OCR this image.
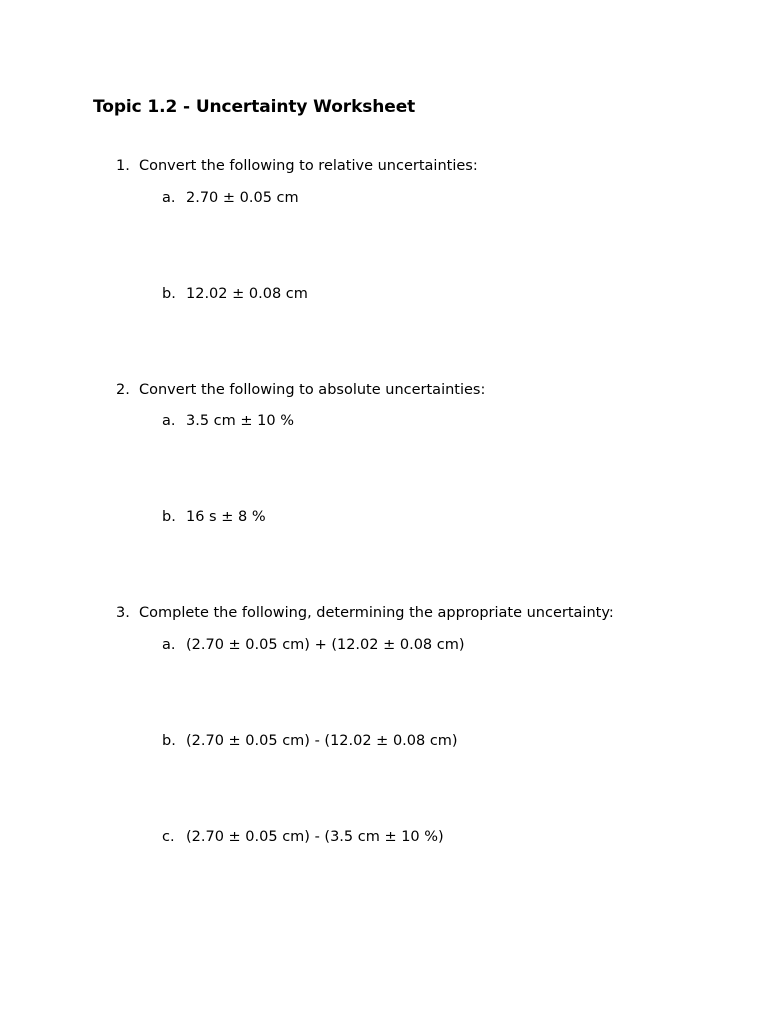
Topic 1.2 - Uncertainty Worksheet
1. Convert the following to relative uncertainties:
a. 2.70 ± 0.05 cm
b. 12.02 ± 0.08 cm
2. Convert the following to absolute uncertainties:
a. 3.5 cm ± 10 %
b. 16 s ± 8 %
3. Complete the following, determining the appropriate uncertainty:
a. (2.70 ± 0.05 cm) + (12.02 ± 0.08 cm)
b. (2.70 ± 0.05 cm) - (12.02 ± 0.08 cm)
c. (2.70 ± 0.05 cm) - (3.5 cm ± 10 %)
